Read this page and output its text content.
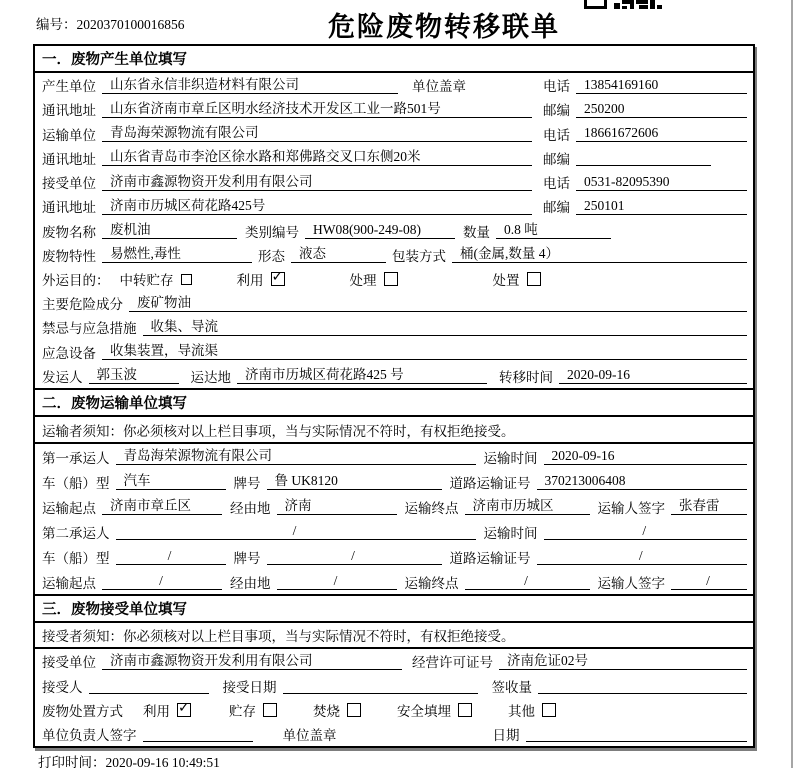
编号：2020370100016856	危险废物转移联单
一．废物产生单位填写
产生单位	山东省永信非织造材料有限公司	单位盖章	电话	13854169160
通讯地址	山东省济南市章丘区明水经济技术开发区工业一路501号	邮编	250200
运输单位	青岛海荣源物流有限公司	电话	18661672606
通讯地址	山东省青岛市李沧区徐水路和郑佛路交叉口东侧20米	邮编
接受单位	济南市鑫源物资开发利用有限公司	电话	0531-82095390
通讯地址	济南市历城区荷花路425号	邮编	250101
废物名称	废机油	类别编号	HW08(900-249-08)	数量	0.8 吨
废物特性	易燃性,毒性	形态	液态	包装方式	桶(金属,数量 4）
外运目的： 中转贮存	利用 ✓	处理	处置
主要危险成分	废矿物油
禁忌与应急措施	收集、导流
应急设备	收集装置，导流渠
发运人	郭玉波	运达地	济南市历城区荷花路425 号	转移时间	2020-09-16
二．废物运输单位填写
运输者须知：你必须核对以上栏目事项，当与实际情况不符时，有权拒绝接受。
第一承运人	青岛海荣源物流有限公司	运输时间	2020-09-16
车（船）型	汽车	牌号	鲁 UK8120	道路运输证号	370213006408
运输起点	济南市章丘区	经由地	济南	运输终点	济南市历城区	运输人签字	张春雷
第二承运人	/	运输时间	/
车（船）型	/	牌号	/	道路运输证号	/
运输起点	/	经由地	/	运输终点	/	运输人签字	/
三．废物接受单位填写
接受者须知：你必须核对以上栏目事项，当与实际情况不符时，有权拒绝接受。
接受单位	济南市鑫源物资开发利用有限公司	经营许可证号	济南危证02号
接受人	接受日期	签收量
废物处置方式 利用 ✓	贮存	焚烧	安全填埋	其他
单位负责人签字	单位盖章	日期
打印时间：2020-09-16 10:49:51
